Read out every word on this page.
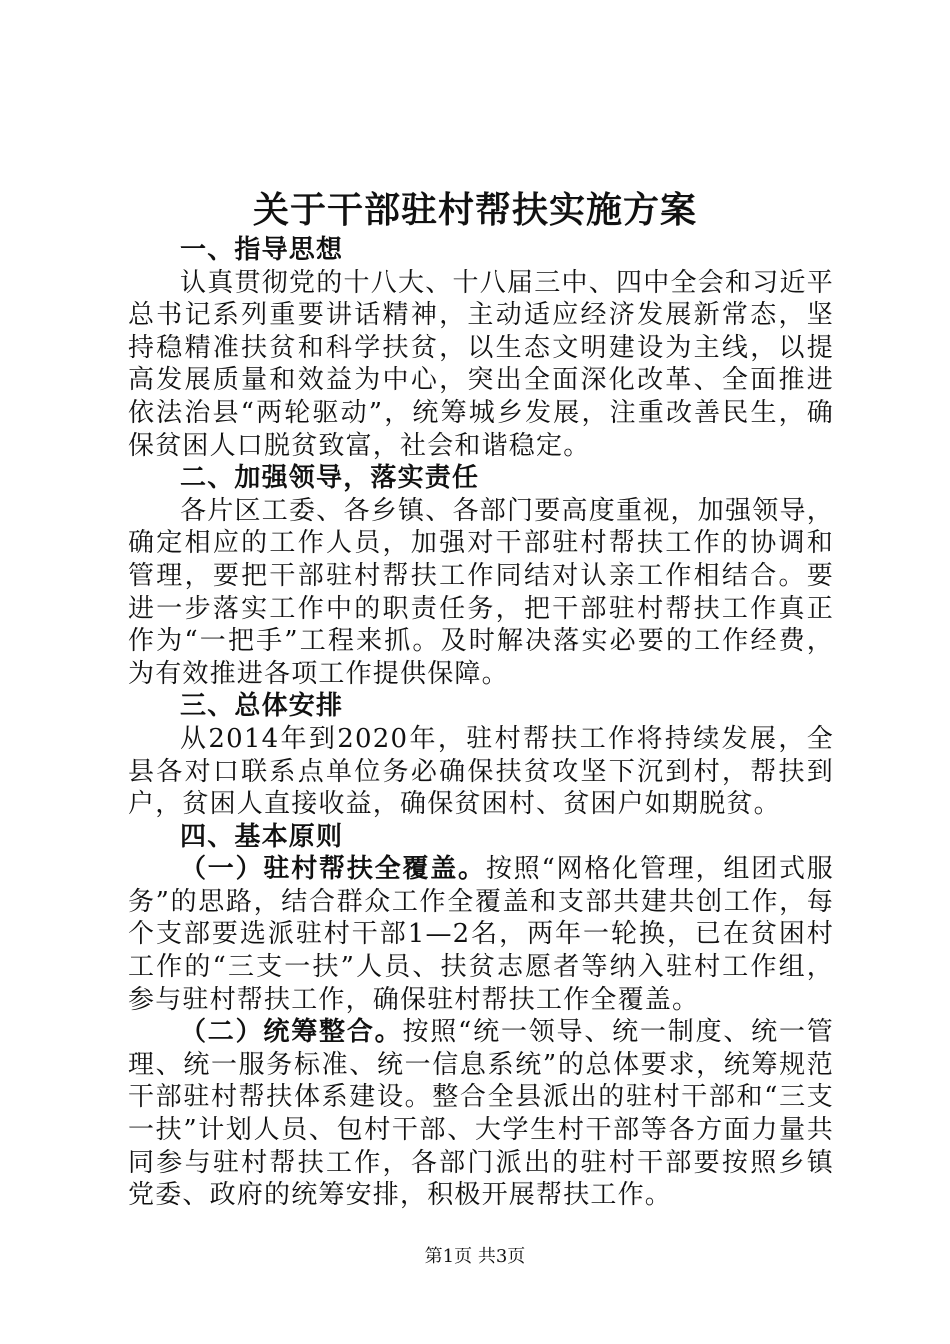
关于干部驻村帮扶实施方案

一、指导思想

认真贯彻党的十八大、十八届三中、四中全会和习近平总书记系列重要讲话精神，主动适应经济发展新常态，坚持稳精准扶贫和科学扶贫，以生态文明建设为主线，以提高发展质量和效益为中心，突出全面深化改革、全面推进依法治县“两轮驱动”，统筹城乡发展，注重改善民生，确保贫困人口脱贫致富，社会和谐稳定。

二、加强领导，落实责任

各片区工委、各乡镇、各部门要高度重视，加强领导，确定相应的工作人员，加强对干部驻村帮扶工作的协调和管理，要把干部驻村帮扶工作同结对认亲工作相结合。要进一步落实工作中的职责任务，把干部驻村帮扶工作真正作为“一把手”工程来抓。及时解决落实必要的工作经费，为有效推进各项工作提供保障。

三、总体安排

从2014年到2020年，驻村帮扶工作将持续发展，全县各对口联系点单位务必确保扶贫攻坚下沉到村，帮扶到户，贫困人直接收益，确保贫困村、贫困户如期脱贫。

四、基本原则

（一）驻村帮扶全覆盖。按照“网格化管理，组团式服务”的思路，结合群众工作全覆盖和支部共建共创工作，每个支部要选派驻村干部1—2名，两年一轮换，已在贫困村工作的“三支一扶”人员、扶贫志愿者等纳入驻村工作组，参与驻村帮扶工作，确保驻村帮扶工作全覆盖。

（二）统筹整合。按照“统一领导、统一制度、统一管理、统一服务标准、统一信息系统”的总体要求，统筹规范干部驻村帮扶体系建设。整合全县派出的驻村干部和“三支一扶”计划人员、包村干部、大学生村干部等各方面力量共同参与驻村帮扶工作，各部门派出的驻村干部要按照乡镇党委、政府的统筹安排，积极开展帮扶工作。

第1页 共3页
